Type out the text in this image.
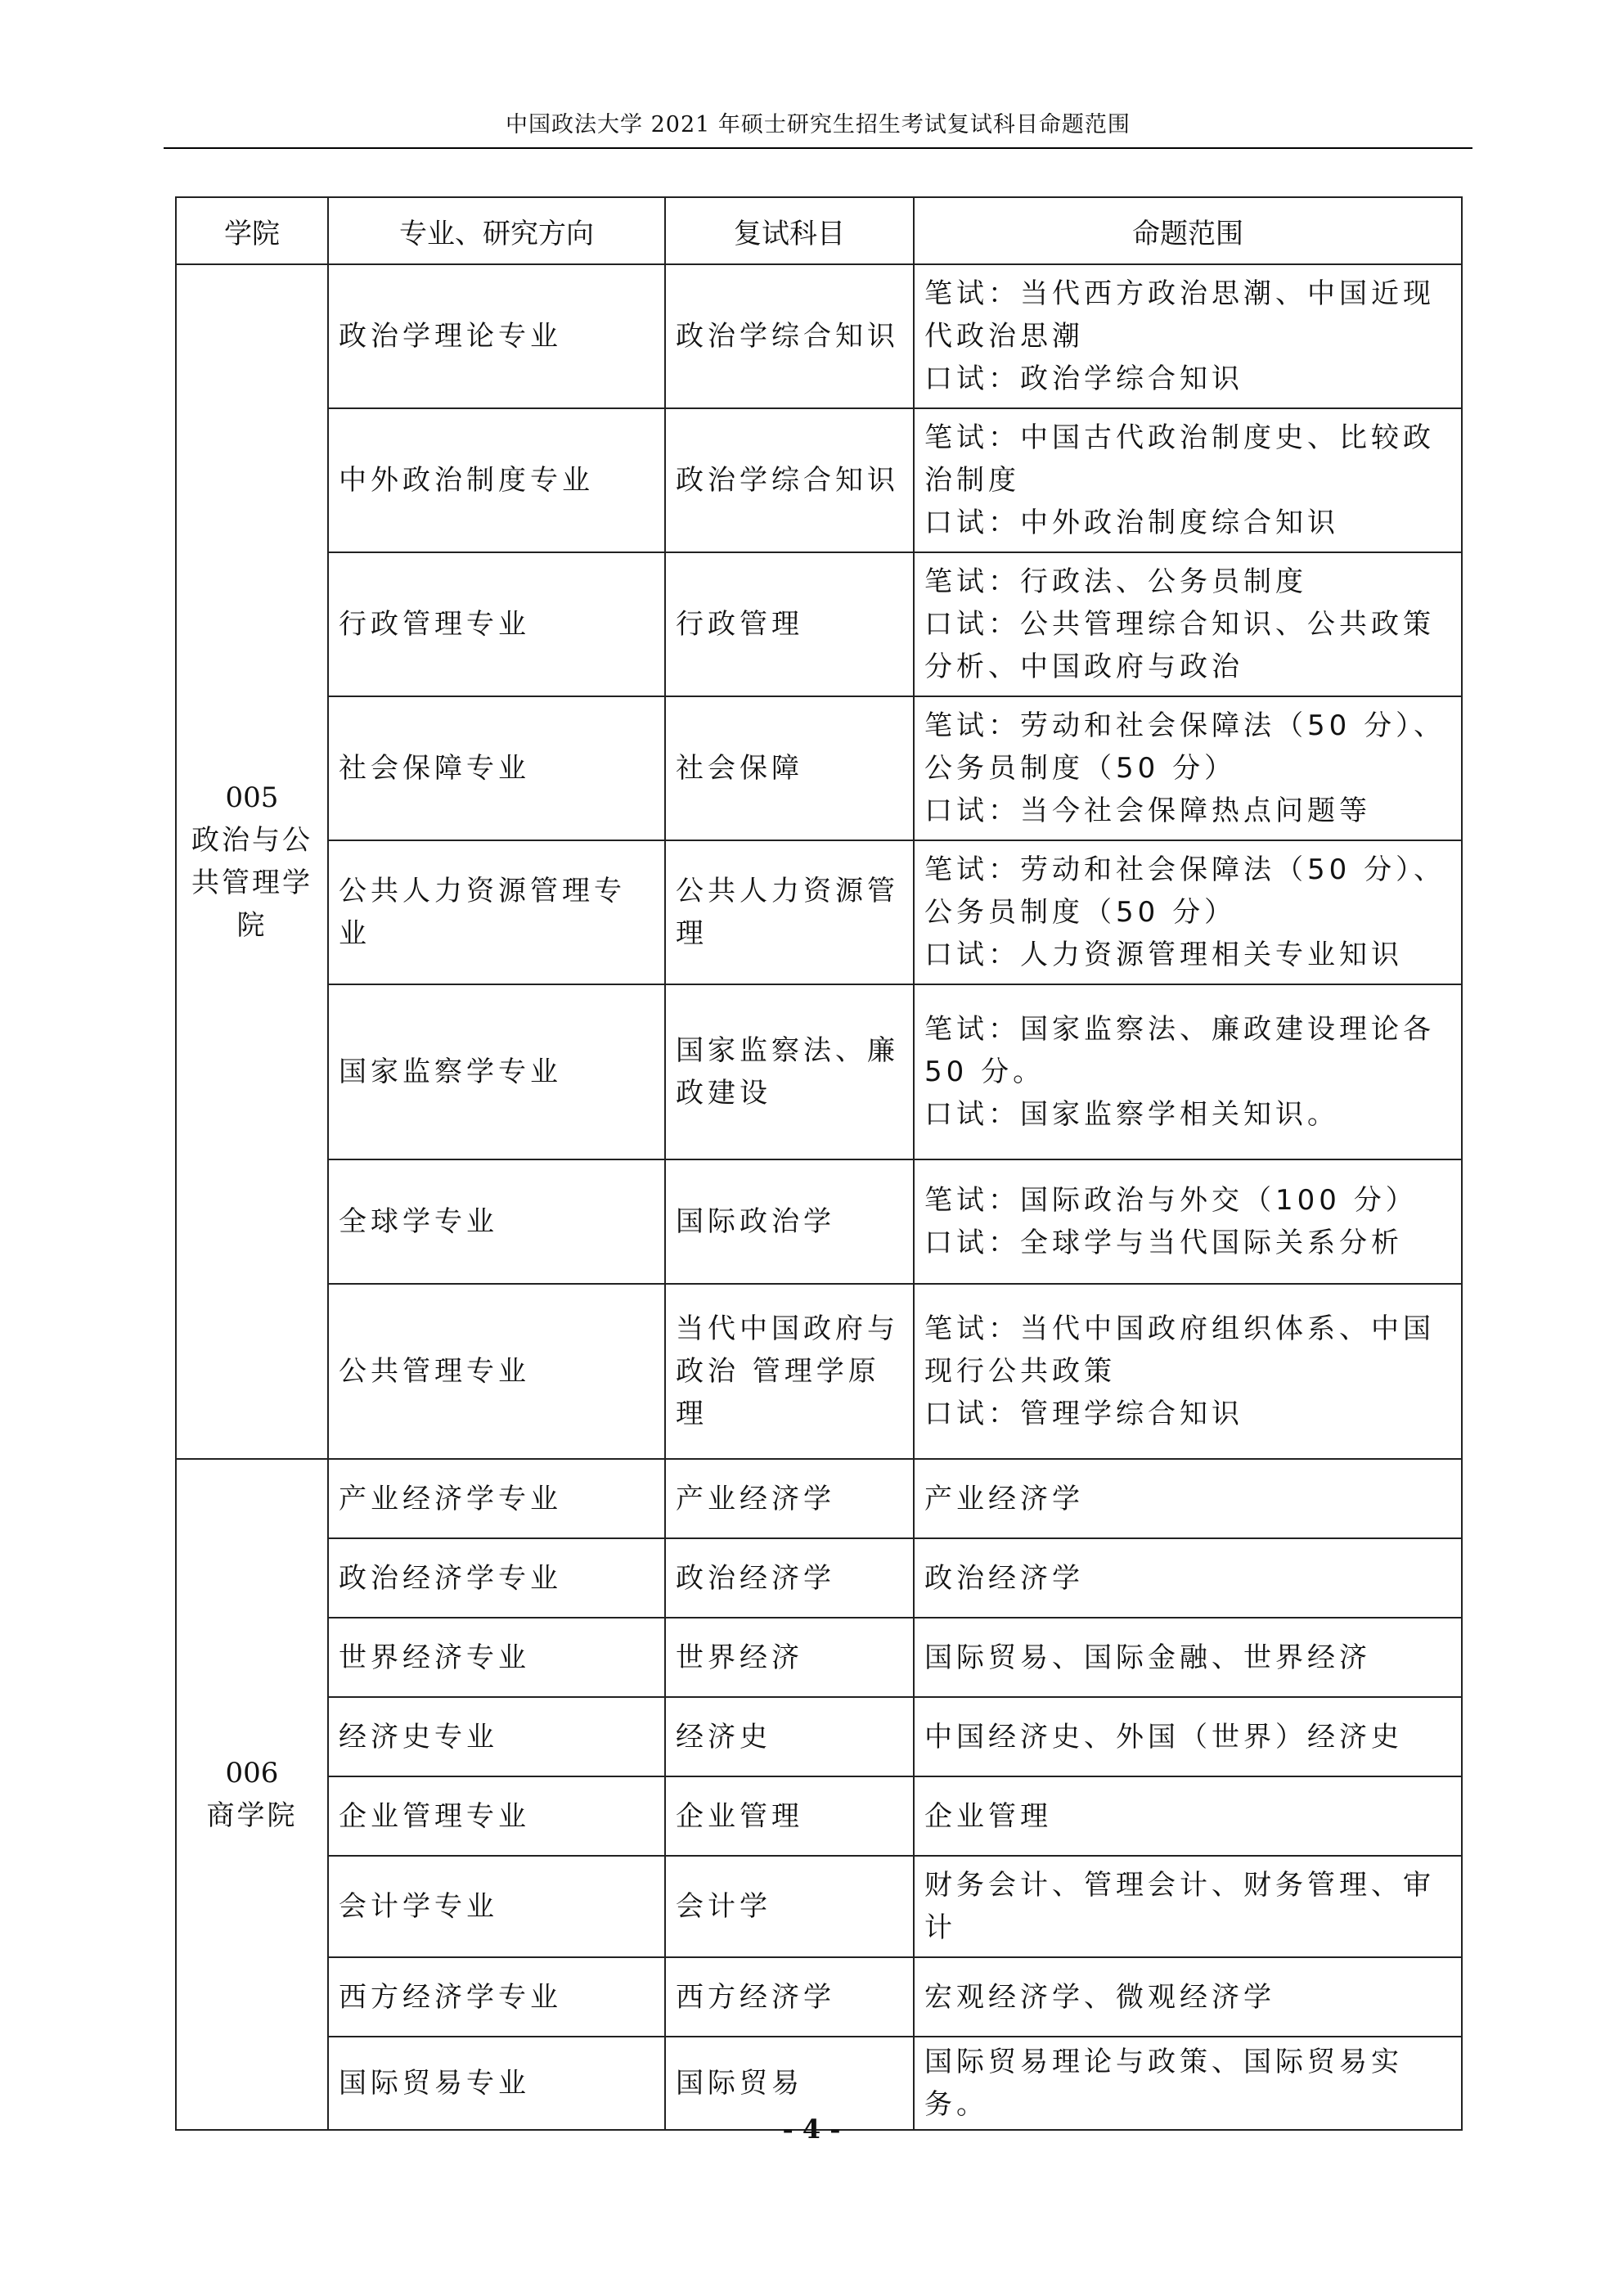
中国政法大学 2021 年硕士研究生招生考试复试科目命题范围
学院	专业、研究方向	复试科目	命题范围

005
政治与公
共管理学
院	政治学理论专业	政治学综合知识	笔试：当代西方政治思潮、中国近现代政治思潮
口试：政治学综合知识

	中外政治制度专业	政治学综合知识	笔试：中国古代政治制度史、比较政治制度
口试：中外政治制度综合知识

	行政管理专业	行政管理	笔试：行政法、公务员制度
口试：公共管理综合知识、公共政策分析、中国政府与政治

	社会保障专业	社会保障	笔试：劳动和社会保障法（50 分）、公务员制度（50 分）
口试：当今社会保障热点问题等

	公共人力资源管理专业	公共人力资源管理	笔试：劳动和社会保障法（50 分）、公务员制度（50 分）
口试：人力资源管理相关专业知识

	国家监察学专业	国家监察法、廉政建设	笔试：国家监察法、廉政建设理论各 50 分。
口试：国家监察学相关知识。

	全球学专业	国际政治学	笔试：国际政治与外交（100 分）
口试：全球学与当代国际关系分析

	公共管理专业	当代中国政府与政治 管理学原理	笔试：当代中国政府组织体系、中国现行公共政策
口试：管理学综合知识

006
商学院	产业经济学专业	产业经济学	产业经济学

	政治经济学专业	政治经济学	政治经济学

	世界经济专业	世界经济	国际贸易、国际金融、世界经济

	经济史专业	经济史	中国经济史、外国（世界）经济史

	企业管理专业	企业管理	企业管理

	会计学专业	会计学	财务会计、管理会计、财务管理、审计

	西方经济学专业	西方经济学	宏观经济学、微观经济学

	国际贸易专业	国际贸易	国际贸易理论与政策、国际贸易实务。
- 4 -
